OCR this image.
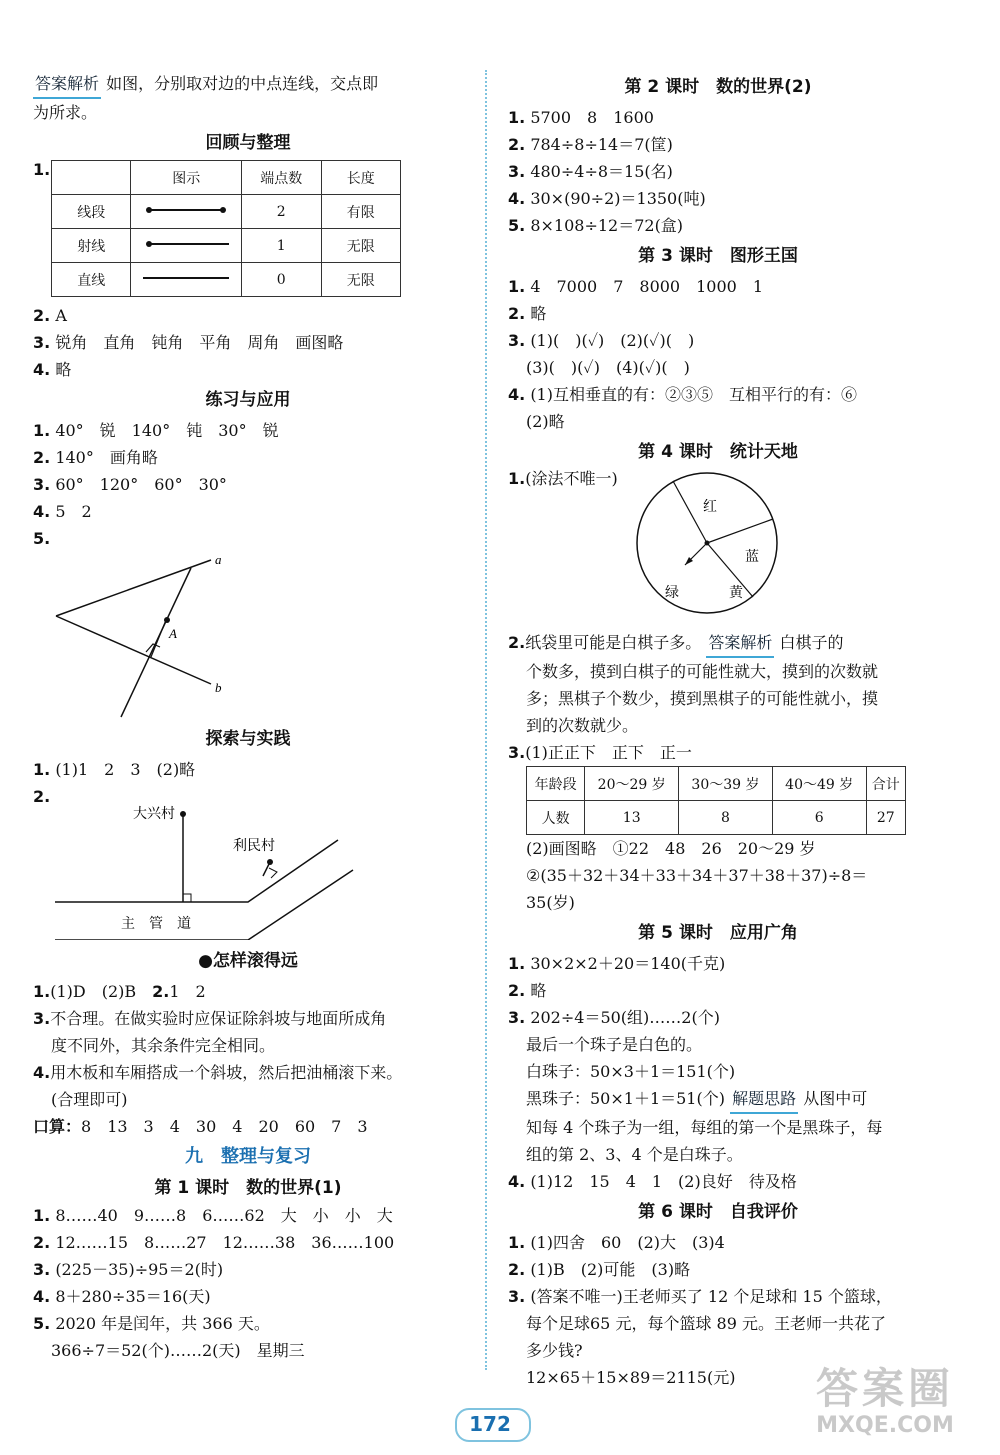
答案解析 如图，分别取对边的中点连线，交点即
为所求。
回顾与整理
1.
		图示	端点数	长度
线段		2	有限
射线		1	无限
直线		0	无限
2. A
3. 锐角　直角　钝角　平角　周角　画图略
4. 略
练习与应用
1. 40°　锐　140°　钝　30°　锐
2. 140°　画角略
3. 60°　120°　60°　30°
4. 5　2
5.
a
A
b
探索与实践
1. (1)1　2　3　(2)略
2.
大兴村
利民村
主　管　道
●怎样滚得远
1.(1)D　(2)B　2.1　2
3.不合理。在做实验时应保证除斜坡与地面所成角
度不同外，其余条件完全相同。
4.用木板和车厢搭成一个斜坡，然后把油桶滚下来。
(合理即可)
口算：8　13　3　4　30　4　20　60　7　3
九　整理与复习
第 1 课时　数的世界(1)
1. 8……40　9……8　6……62　大　小　小　大
2. 12……15　8……27　12……38　36……100
3. (225－35)÷95＝2(时)
4. 8＋280÷35＝16(天)
5. 2020 年是闰年，共 366 天。
366÷7＝52(个)……2(天)　星期三
第 2 课时　数的世界(2)
1. 5700　8　1600
2. 784÷8÷14＝7(筐)
3. 480÷4÷8＝15(名)
4. 30×(90÷2)＝1350(吨)
5. 8×108÷12＝72(盒)
第 3 课时　图形王国
1. 4　7000　7　8000　1000　1
2. 略
3. (1)(　)(✓)　(2)(✓)(　)
(3)(　)(✓)　(4)(✓)(　)
4. (1)互相垂直的有：②③⑤　互相平行的有：⑥
(2)略
第 4 课时　统计天地
1.(涂法不唯一)
红
蓝
黄
绿
2.纸袋里可能是白棋子多。 答案解析 白棋子的
个数多，摸到白棋子的可能性就大，摸到的次数就
多；黑棋子个数少，摸到黑棋子的可能性就小，摸
到的次数就少。
3.(1)正正下　正下　正一
年龄段	20～29 岁	30～39 岁	40～49 岁	合计
人数	13	8	6	27
(2)画图略　①22　48　26　20～29 岁
②(35＋32＋34＋33＋34＋37＋38＋37)÷8＝
35(岁)
第 5 课时　应用广角
1. 30×2×2＋20＝140(千克)
2. 略
3. 202÷4＝50(组)……2(个)
最后一个珠子是白色的。
白珠子：50×3＋1＝151(个)
黑珠子：50×1＋1＝51(个) 解题思路 从图中可
知每 4 个珠子为一组，每组的第一个是黑珠子，每
组的第 2、3、4 个是白珠子。
4. (1)12　15　4　1　(2)良好　待及格
第 6 课时　自我评价
1. (1)四舍　60　(2)大　(3)4
2. (1)B　(2)可能　(3)略
3. (答案不唯一)王老师买了 12 个足球和 15 个篮球，
每个足球65 元，每个篮球 89 元。王老师一共花了
多少钱?
12×65＋15×89＝2115(元)
172
答案圈
MXQE.COM
